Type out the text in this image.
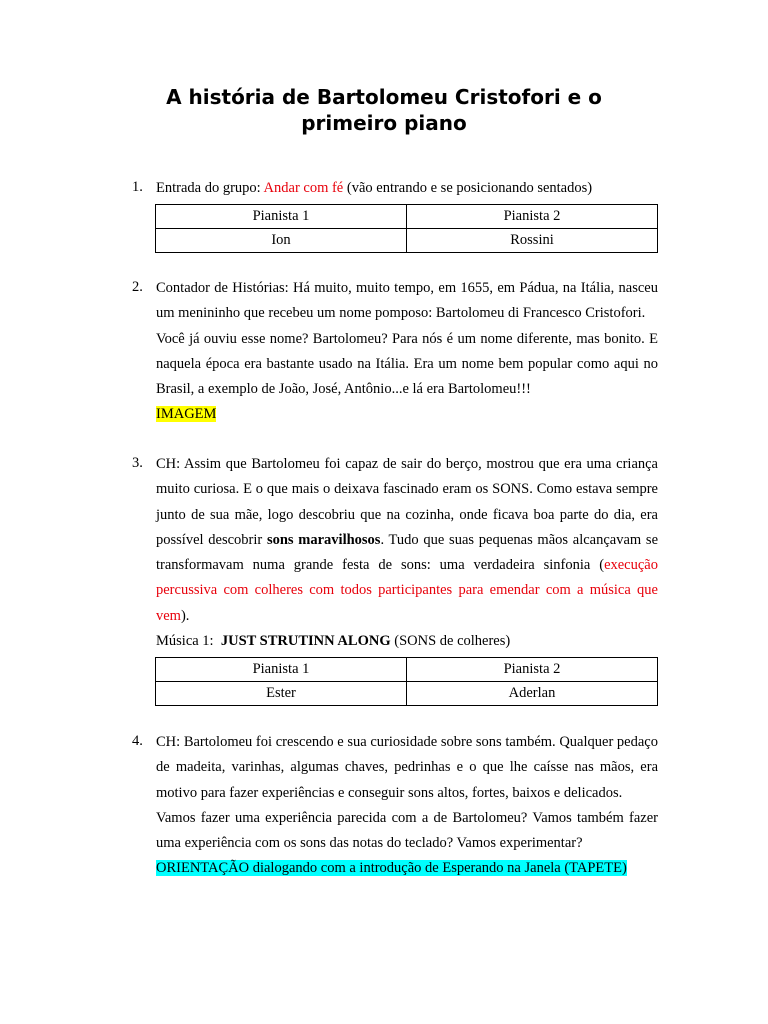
A história de Bartolomeu Cristofori e o
primeiro piano
1. Entrada do grupo: Andar com fé (vão entrando e se posicionando sentados)
Pianista 1	Pianista 2
Ion	Rossini
2. Contador de Histórias: Há muito, muito tempo, em 1655, em Pádua, na Itália, nasceu um menininho que recebeu um nome pomposo: Bartolomeu di Francesco Cristofori.
Você já ouviu esse nome? Bartolomeu? Para nós é um nome diferente, mas bonito. E naquela época era bastante usado na Itália. Era um nome bem popular como aqui no Brasil, a exemplo de João, José, Antônio...e lá era Bartolomeu!!!
IMAGEM
3. CH: Assim que Bartolomeu foi capaz de sair do berço, mostrou que era uma criança muito curiosa. E o que mais o deixava fascinado eram os SONS. Como estava sempre junto de sua mãe, logo descobriu que na cozinha, onde ficava boa parte do dia, era possível descobrir sons maravilhosos. Tudo que suas pequenas mãos alcançavam se transformavam numa grande festa de sons: uma verdadeira sinfonia (execução percussiva com colheres com todos participantes para emendar com a música que vem).
Música 1:  JUST STRUTINN ALONG (SONS de colheres)
Pianista 1	Pianista 2
Ester	Aderlan
4. CH: Bartolomeu foi crescendo e sua curiosidade sobre sons também. Qualquer pedaço de madeita, varinhas, algumas chaves, pedrinhas e o que lhe caísse nas mãos, era motivo para fazer experiências e conseguir sons altos, fortes, baixos e delicados.
Vamos fazer uma experiência parecida com a de Bartolomeu? Vamos também fazer uma experiência com os sons das notas do teclado? Vamos experimentar?
ORIENTAÇÃO dialogando com a introdução de Esperando na Janela (TAPETE)
